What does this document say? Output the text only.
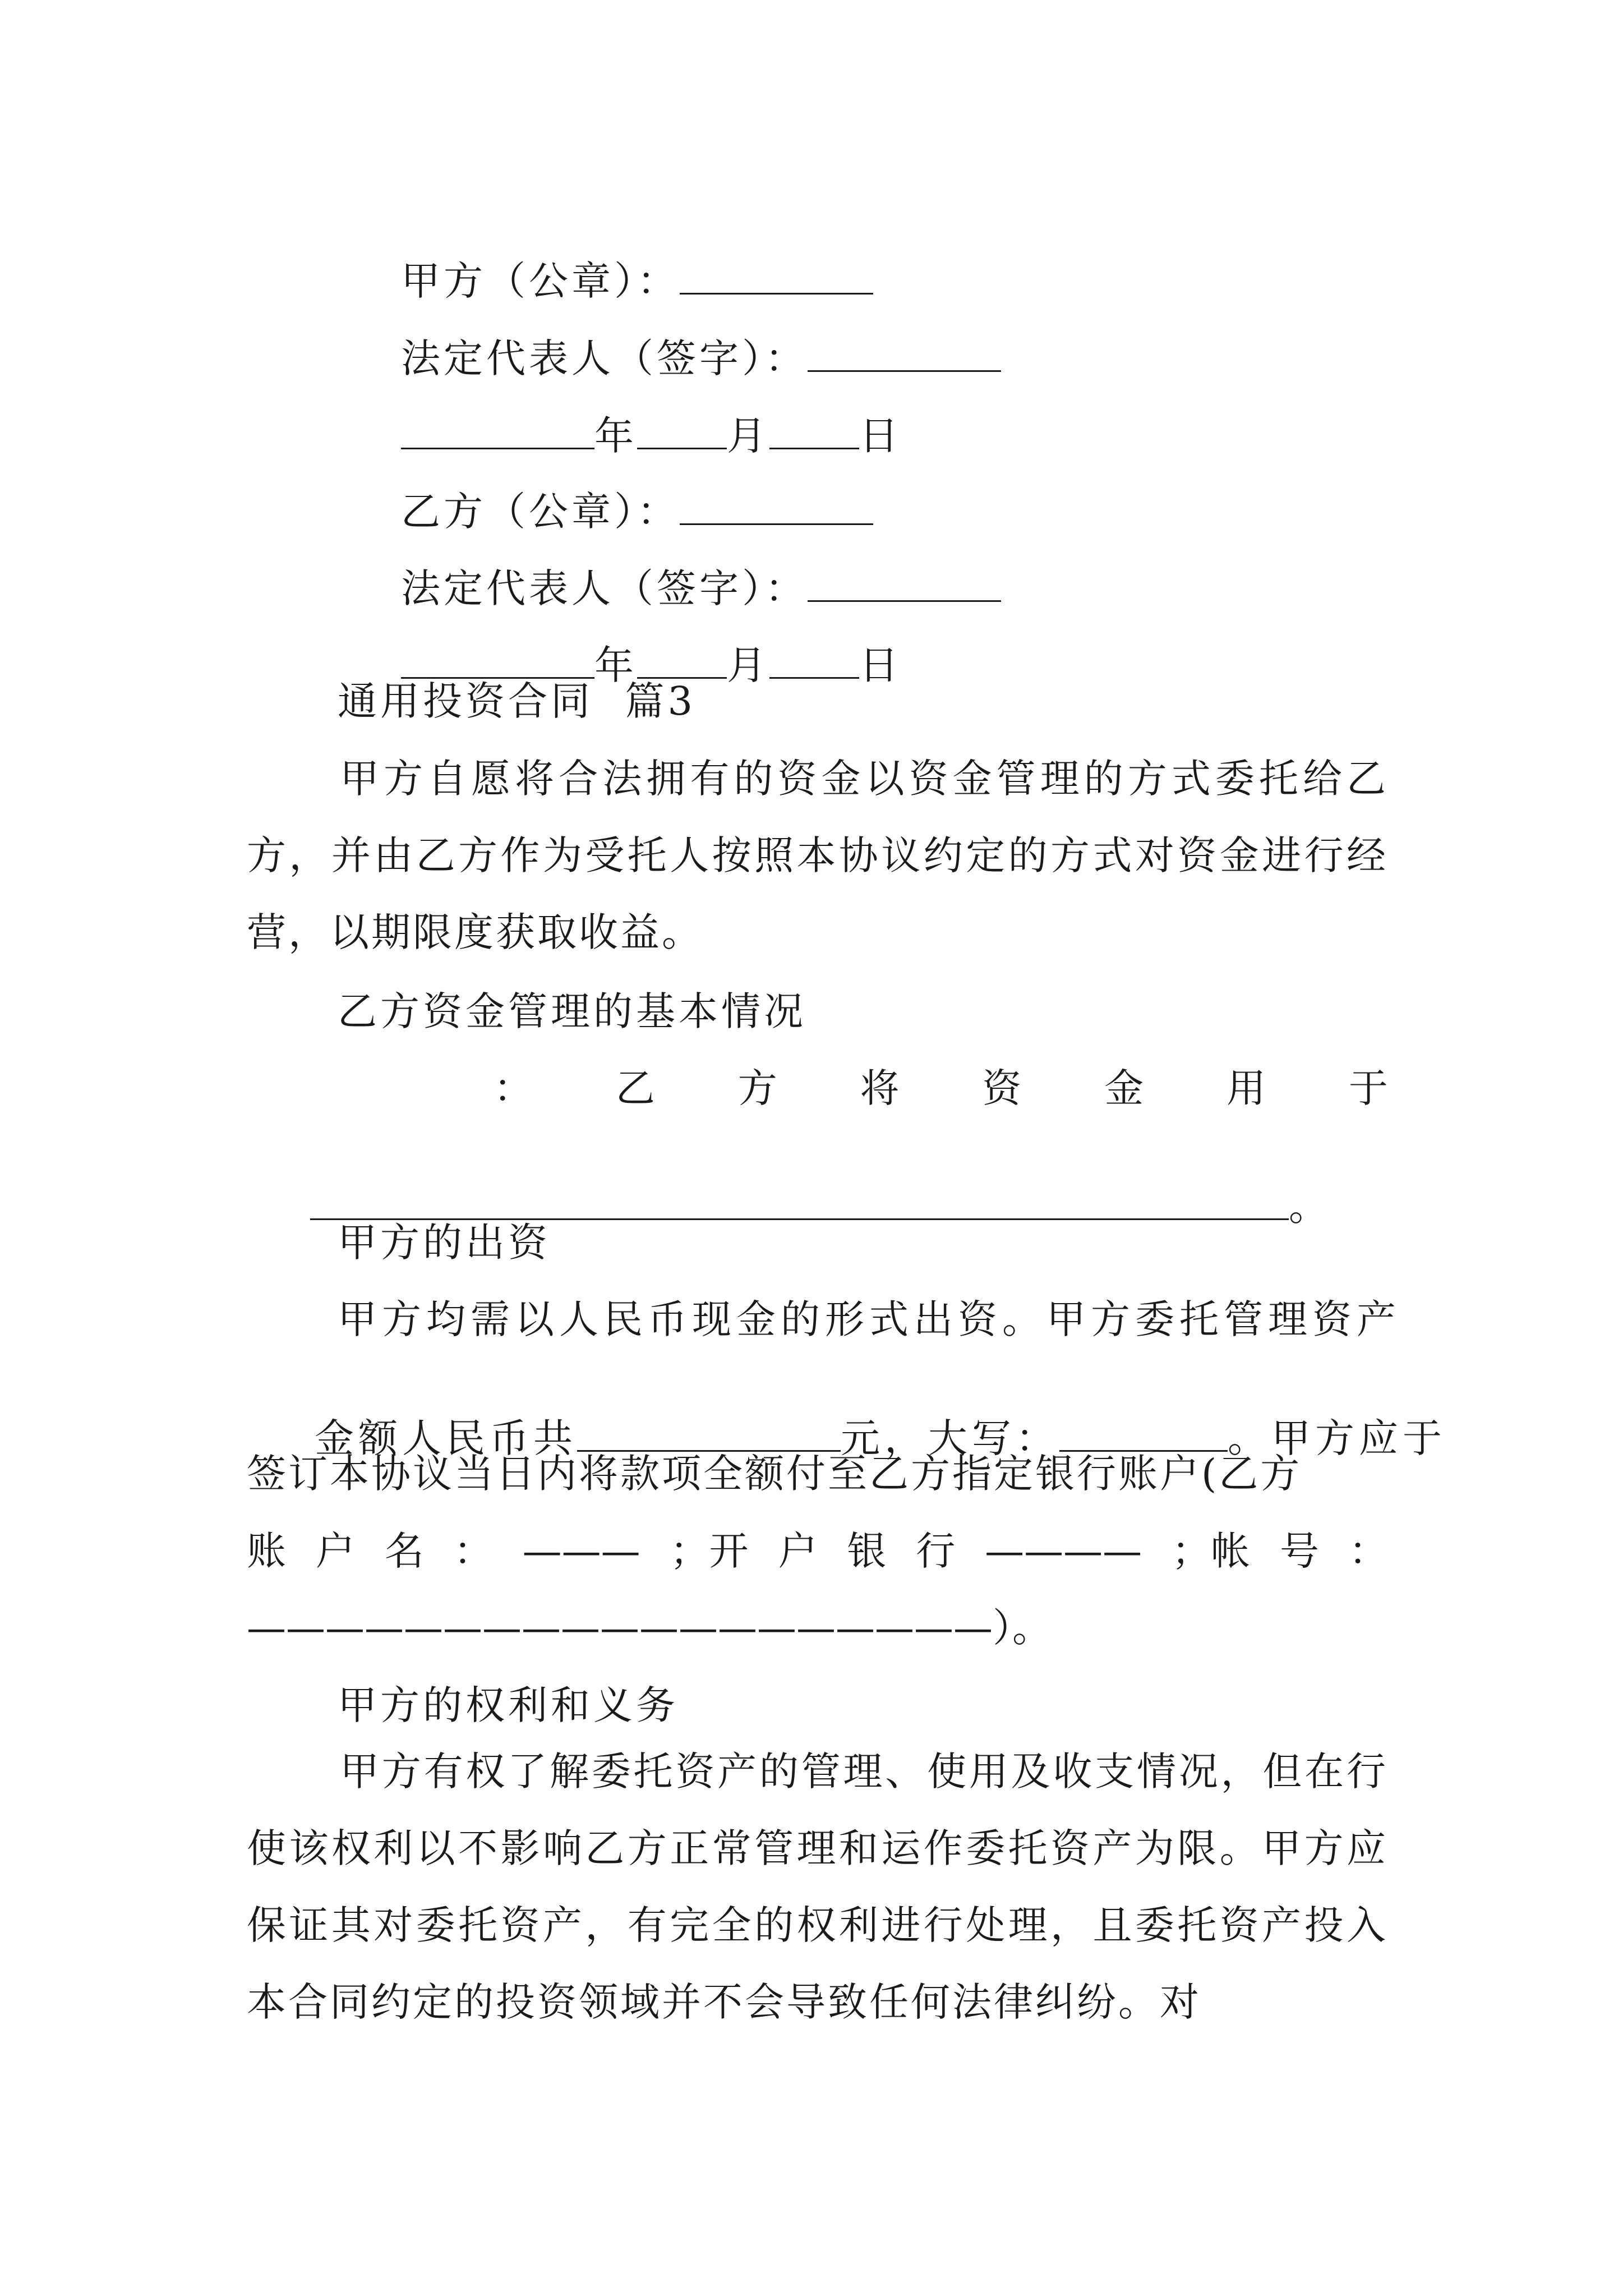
甲方（公章）：

法定代表人（签字）：

年 月 日

乙方（公章）：

法定代表人（签字）：

年 月 日

通用投资合同  篇3
甲方自愿将合法拥有的资金以资金管理的方式委托给乙方，并由乙方作为受托人按照本协议约定的方式对资金进行经营，以期限度获取收益。
乙方资金管理的基本情况
： 乙 方 将 资 金 用 于

。

甲方的出资
甲方均需以人民币现金的形式出资。甲方委托管理资产

金额人民币共	元，大写：	。甲方应于

签订本协议当日内将款项全额付至乙方指定银行账户(乙方
账 户 名 ： ——— ；开 户 银 行 ———— ；帐 号 ：
———————————————————）。
甲方的权利和义务
甲方有权了解委托资产的管理、使用及收支情况，但在行使该权利以不影响乙方正常管理和运作委托资产为限。甲方应保证其对委托资产，有完全的权利进行处理，且委托资产投入本合同约定的投资领域并不会导致任何法律纠纷。对
